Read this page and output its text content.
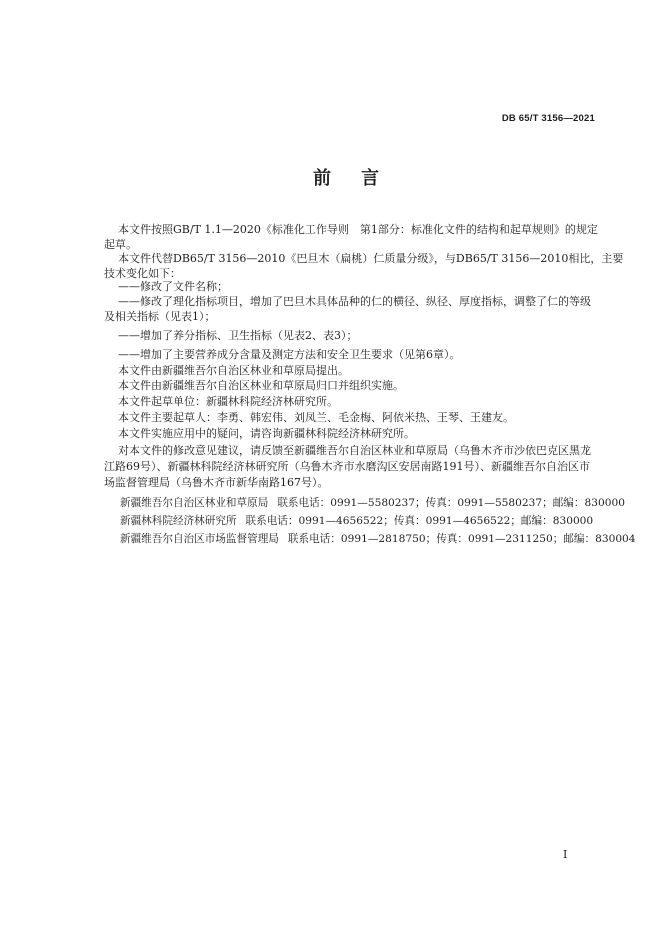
DB 65/T 3156—2021
前言
本文件按照GB/T 1.1—2020《标准化工作导则　第1部分：标准化文件的结构和起草规则》的规定
起草。
本文件代替DB65/T 3156—2010《巴旦木（扁桃）仁质量分级》，与DB65/T 3156—2010相比，主要
技术变化如下：
——修改了文件名称；
——修改了理化指标项目，增加了巴旦木具体品种的仁的横径、纵径、厚度指标，调整了仁的等级
及相关指标（见表1）；
——增加了养分指标、卫生指标（见表2、表3）；
——增加了主要营养成分含量及测定方法和安全卫生要求（见第6章）。
本文件由新疆维吾尔自治区林业和草原局提出。
本文件由新疆维吾尔自治区林业和草原局归口并组织实施。
本文件起草单位：新疆林科院经济林研究所。
本文件主要起草人：李勇、韩宏伟、刘凤兰、毛金梅、阿依米热、王琴、王建友。
本文件实施应用中的疑问，请咨询新疆林科院经济林研究所。
对本文件的修改意见建议，请反馈至新疆维吾尔自治区林业和草原局（乌鲁木齐市沙依巴克区黑龙
江路69号）、新疆林科院经济林研究所（乌鲁木齐市水磨沟区安居南路191号）、新疆维吾尔自治区市
场监督管理局（乌鲁木齐市新华南路167号）。
新疆维吾尔自治区林业和草原局 联系电话：0991—5580237；传真：0991—5580237；邮编：830000
新疆林科院经济林研究所 联系电话：0991—4656522；传真：0991—4656522；邮编：830000
新疆维吾尔自治区市场监督管理局 联系电话：0991—2818750；传真：0991—2311250；邮编：830004
I
